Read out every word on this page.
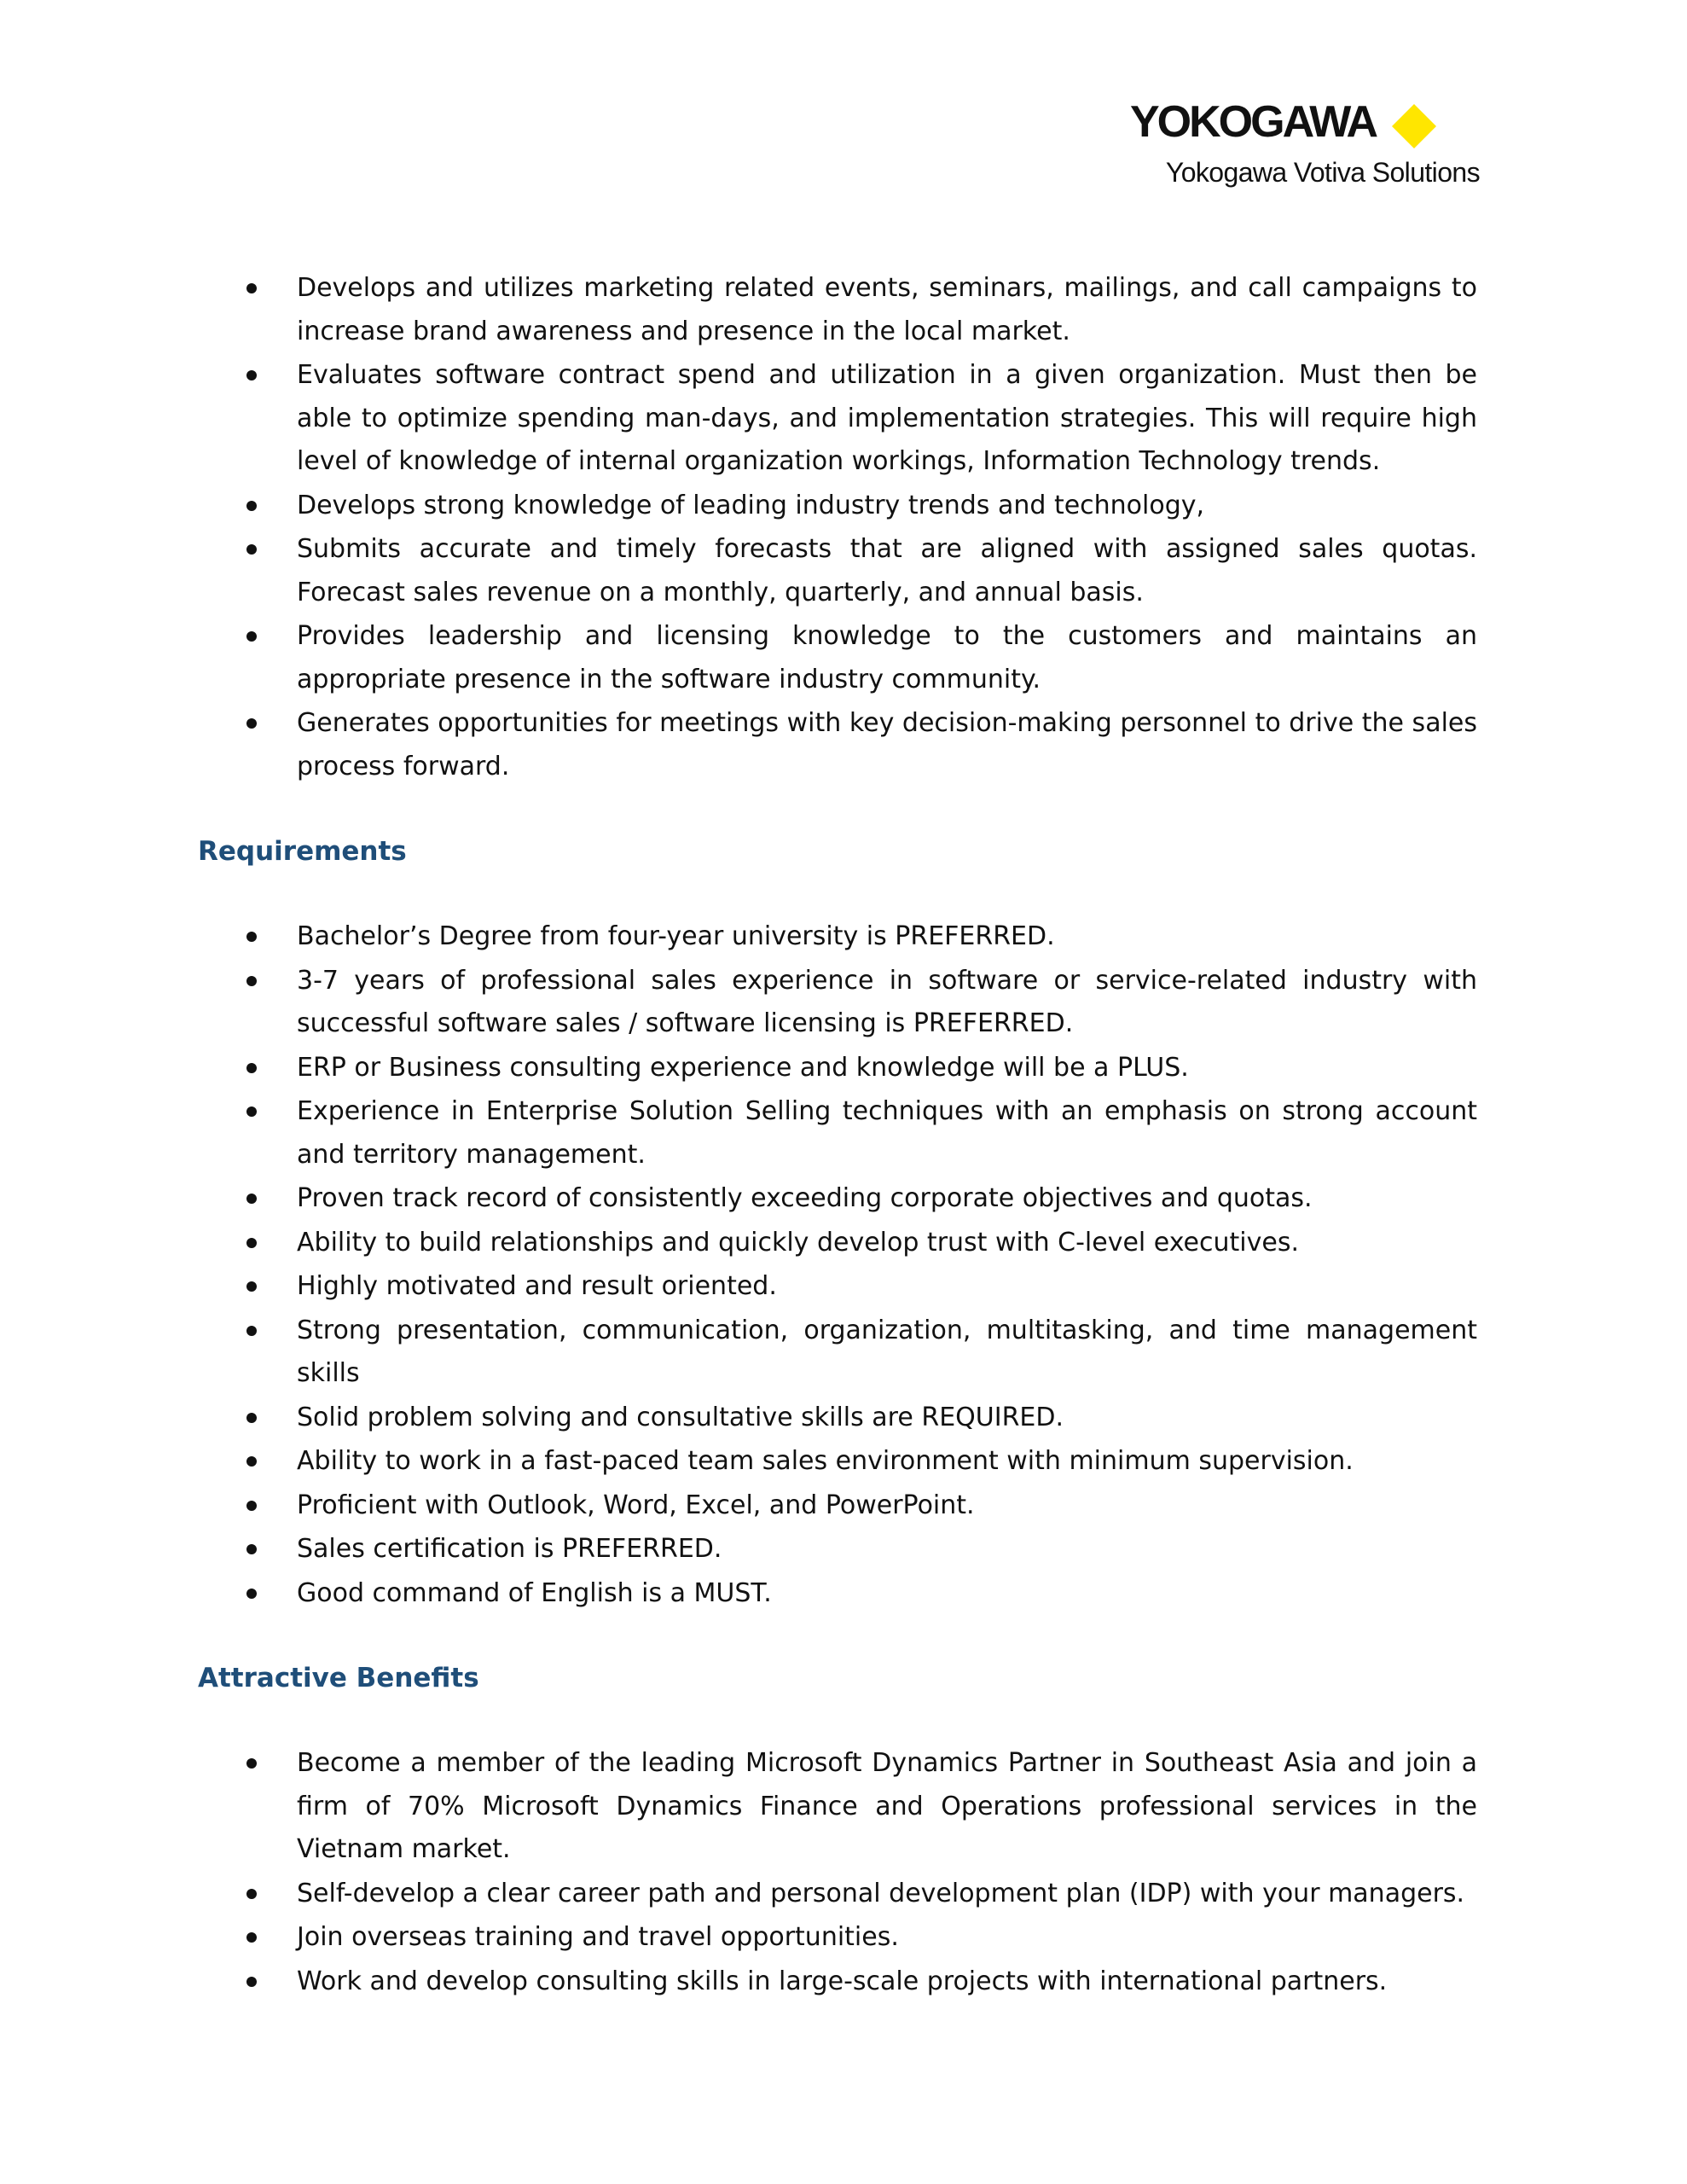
YOKOGAWA
Yokogawa Votiva Solutions
Develops and utilizes marketing related events, seminars, mailings, and call campaigns to increase brand awareness and presence in the local market.
Evaluates software contract spend and utilization in a given organization. Must then be able to optimize spending man-days, and implementation strategies. This will require high level of knowledge of internal organization workings, Information Technology trends.
Develops strong knowledge of leading industry trends and technology,
Submits accurate and timely forecasts that are aligned with assigned sales quotas. Forecast sales revenue on a monthly, quarterly, and annual basis.
Provides leadership and licensing knowledge to the customers and maintains an appropriate presence in the software industry community.
Generates opportunities for meetings with key decision-making personnel to drive the sales process forward.
Requirements
Bachelor’s Degree from four-year university is PREFERRED.
3-7 years of professional sales experience in software or service-related industry with successful software sales / software licensing is PREFERRED.
ERP or Business consulting experience and knowledge will be a PLUS.
Experience in Enterprise Solution Selling techniques with an emphasis on strong account and territory management.
Proven track record of consistently exceeding corporate objectives and quotas.
Ability to build relationships and quickly develop trust with C-level executives.
Highly motivated and result oriented.
Strong presentation, communication, organization, multitasking, and time management skills
Solid problem solving and consultative skills are REQUIRED.
Ability to work in a fast-paced team sales environment with minimum supervision.
Proficient with Outlook, Word, Excel, and PowerPoint.
Sales certification is PREFERRED.
Good command of English is a MUST.
Attractive Benefits
Become a member of the leading Microsoft Dynamics Partner in Southeast Asia and join a firm of 70% Microsoft Dynamics Finance and Operations professional services in the Vietnam market.
Self-develop a clear career path and personal development plan (IDP) with your managers.
Join overseas training and travel opportunities.
Work and develop consulting skills in large-scale projects with international partners.
